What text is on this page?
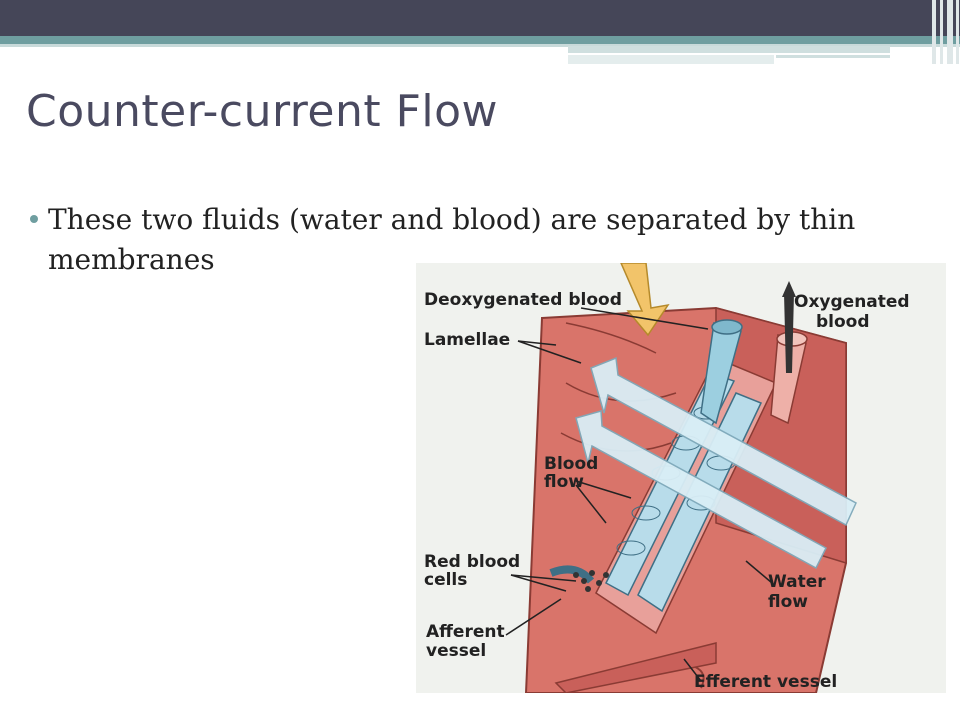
Counter-current Flow
These two fluids (water and blood) are separated by thin membranes
Deoxygenated blood	Oxygenated
blood
Lamellae
Blood
flow
Red blood
cells	Water
flow
Afferent
vessel
Efferent vessel
